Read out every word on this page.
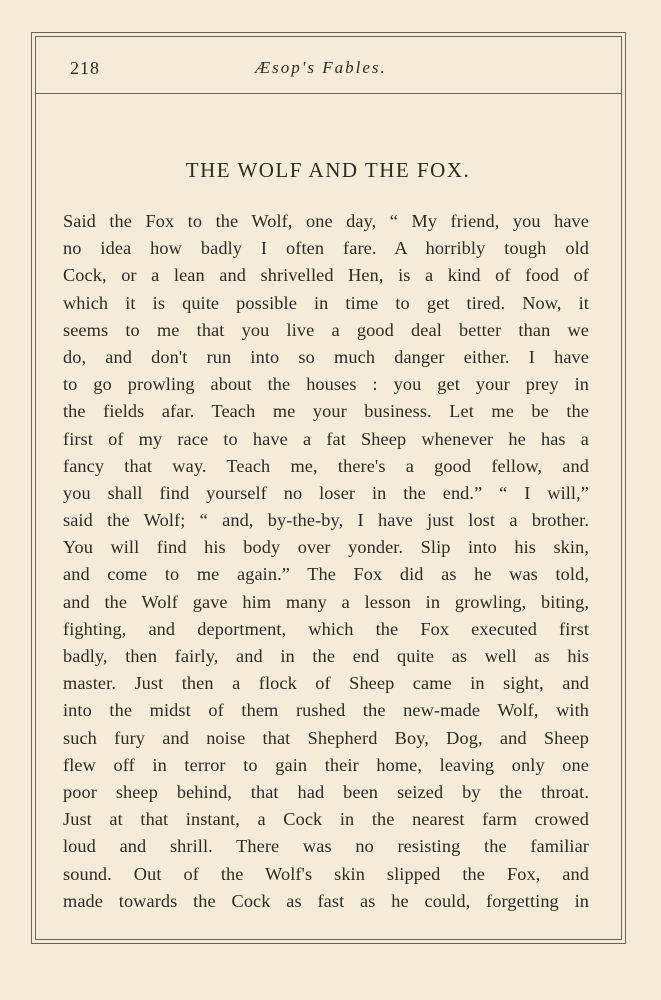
218	Æsop's Fables.
THE WOLF AND THE FOX.
Said the Fox to the Wolf, one day, “ My friend, you have
no idea how badly I often fare. A horribly tough old
Cock, or a lean and shrivelled Hen, is a kind of food of
which it is quite possible in time to get tired. Now, it
seems to me that you live a good deal better than we
do, and don't run into so much danger either. I have
to go prowling about the houses : you get your prey in
the fields afar. Teach me your business. Let me be the
first of my race to have a fat Sheep whenever he has a
fancy that way. Teach me, there's a good fellow, and
you shall find yourself no loser in the end.” “ I will,”
said the Wolf; “ and, by-the-by, I have just lost a brother.
You will find his body over yonder. Slip into his skin,
and come to me again.” The Fox did as he was told,
and the Wolf gave him many a lesson in growling, biting,
fighting, and deportment, which the Fox executed first
badly, then fairly, and in the end quite as well as his
master. Just then a flock of Sheep came in sight, and
into the midst of them rushed the new-made Wolf, with
such fury and noise that Shepherd Boy, Dog, and Sheep
flew off in terror to gain their home, leaving only one
poor sheep behind, that had been seized by the throat.
Just at that instant, a Cock in the nearest farm crowed
loud and shrill. There was no resisting the familiar
sound. Out of the Wolf's skin slipped the Fox, and
made towards the Cock as fast as he could, forgetting in
